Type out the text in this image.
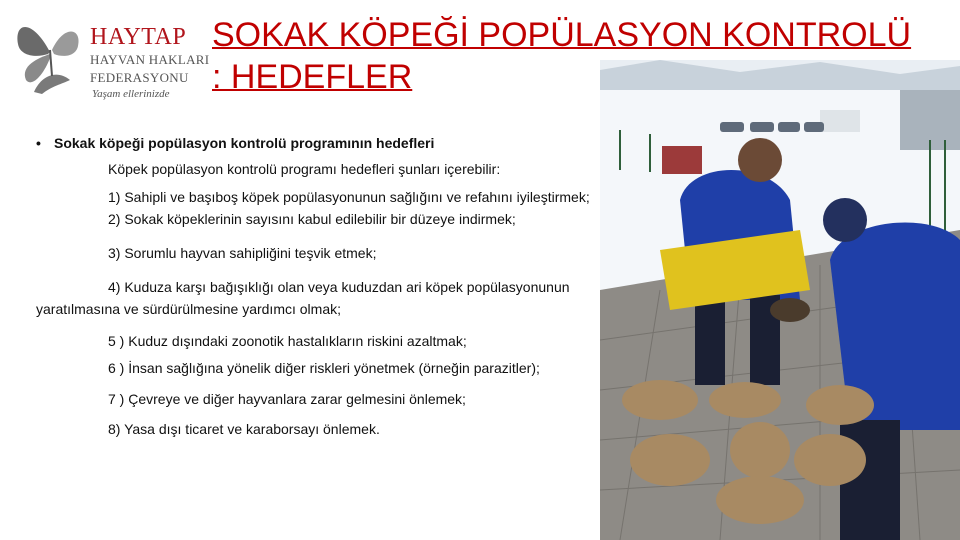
HAYTAP
HAYVAN HAKLARI
FEDERASYONU
Yaşam ellerinizde
SOKAK KÖPEĞİ POPÜLASYON KONTROLÜ : HEDEFLER

• Sokak köpeği popülasyon kontrolü programının hedefleri

Köpek popülasyon kontrolü programı hedefleri şunları içerebilir:

1) Sahipli ve başıboş köpek popülasyonunun sağlığını ve refahını iyileştirmek;

2) Sokak köpeklerinin sayısını kabul edilebilir bir düzeye indirmek;

3) Sorumlu hayvan sahipliğini teşvik etmek;

4) Kuduza karşı bağışıklığı olan veya kuduzdan ari köpek popülasyonunun yaratılmasına ve sürdürülmesine yardımcı olmak;

5 ) Kuduz dışındaki zoonotik hastalıkların riskini azaltmak;

6 ) İnsan sağlığına yönelik diğer riskleri yönetmek (örneğin parazitler);

7 ) Çevreye ve diğer hayvanlara zarar gelmesini önlemek;

8) Yasa dışı ticaret ve karaborsayı önlemek.
